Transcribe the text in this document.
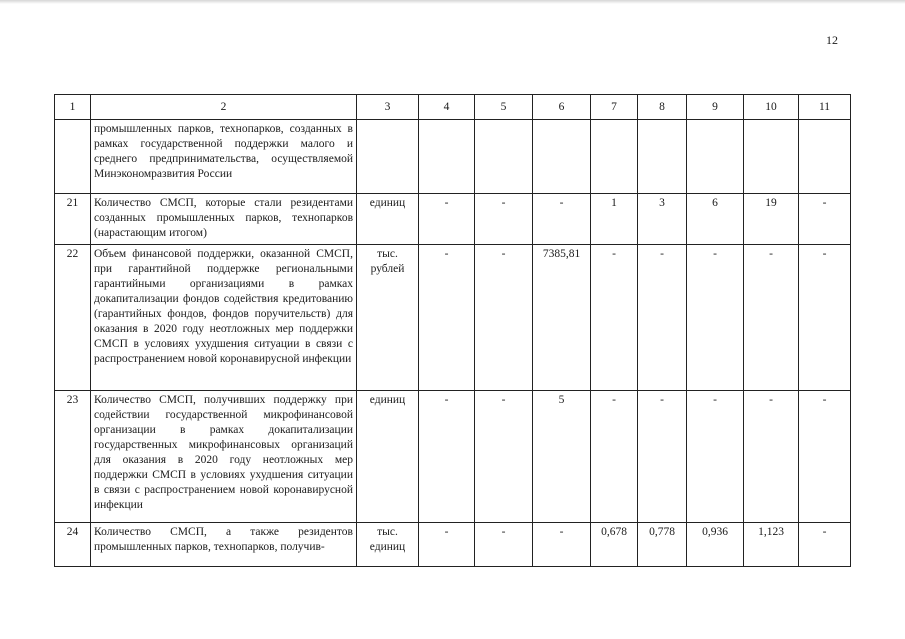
12
1	2	3	4	5	6	7	8	9	10	11
	промышленных парков, технопарков, созданных в рамках государственной поддержки малого и среднего предпринимательства, осуществляемой Минэкономразвития России									
21	Количество СМСП, которые стали резидентами созданных промышленных парков, технопарков (нарастающим итогом)	единиц	-	-	-	1	3	6	19	-
22	Объем финансовой поддержки, оказанной СМСП, при гарантийной поддержке региональными гарантийными организациями в рамках докапитализации фондов содействия кредитованию (гарантийных фондов, фондов поручительств) для оказания в 2020 году неотложных мер поддержки СМСП в условиях ухудшения ситуации в связи с распространением новой коронавирусной инфекции	тыс. рублей	-	-	7385,81	-	-	-	-	-
23	Количество СМСП, получивших поддержку при содействии государственной микрофинансовой организации в рамках докапитализации государственных микрофинансовых организаций для оказания в 2020 году неотложных мер поддержки СМСП в условиях ухудшения ситуации в связи с распространением новой коронавирусной инфекции	единиц	-	-	5	-	-	-	-	-
24	Количество СМСП, а также резидентов промышленных парков, технопарков, получив-	тыс. единиц	-	-	-	0,678	0,778	0,936	1,123	-
